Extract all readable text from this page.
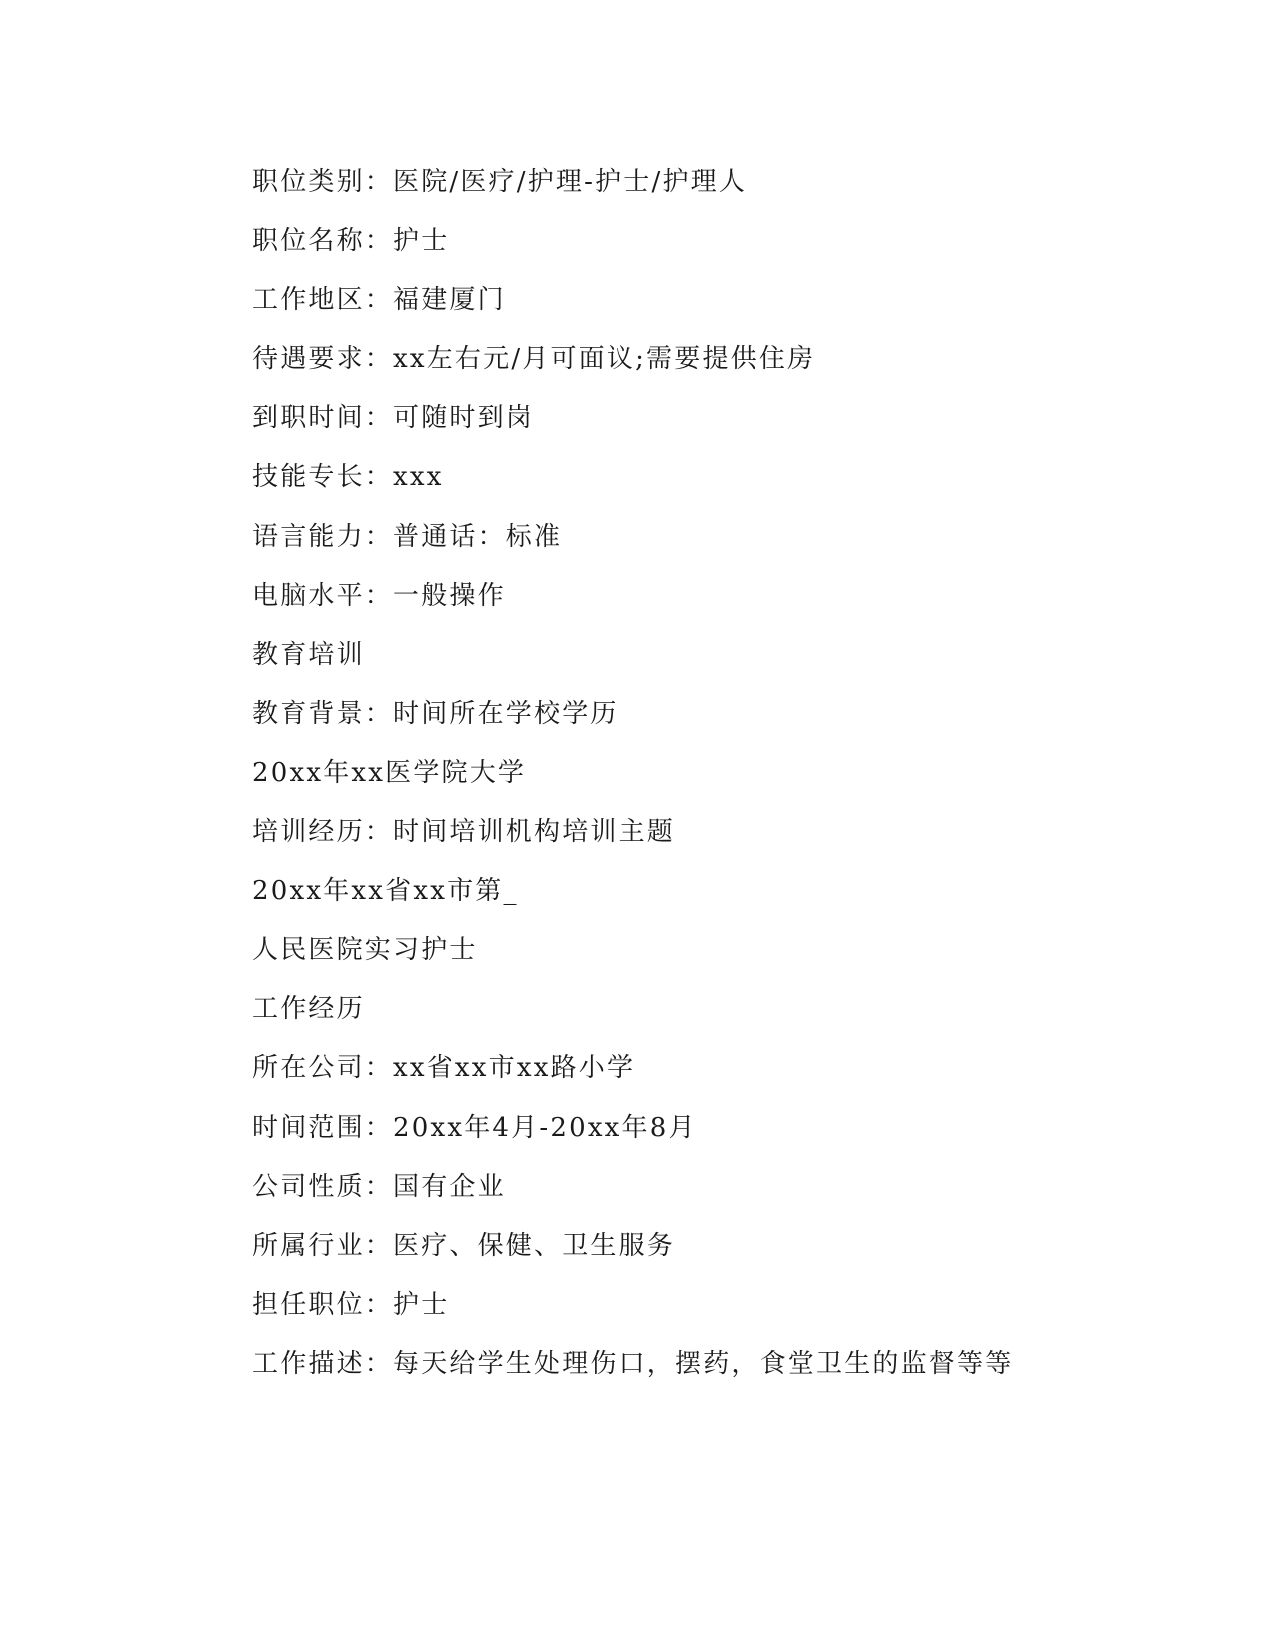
职位类别：医院/医疗/护理-护士/护理人
职位名称：护士
工作地区：福建厦门
待遇要求：xx左右元/月可面议;需要提供住房
到职时间：可随时到岗
技能专长：xxx
语言能力：普通话：标准
电脑水平：一般操作
教育培训
教育背景：时间所在学校学历
20xx年xx医学院大学
培训经历：时间培训机构培训主题
20xx年xx省xx市第_
人民医院实习护士
工作经历
所在公司：xx省xx市xx路小学
时间范围：20xx年4月-20xx年8月
公司性质：国有企业
所属行业：医疗、保健、卫生服务
担任职位：护士
工作描述：每天给学生处理伤口，摆药，食堂卫生的监督等等
